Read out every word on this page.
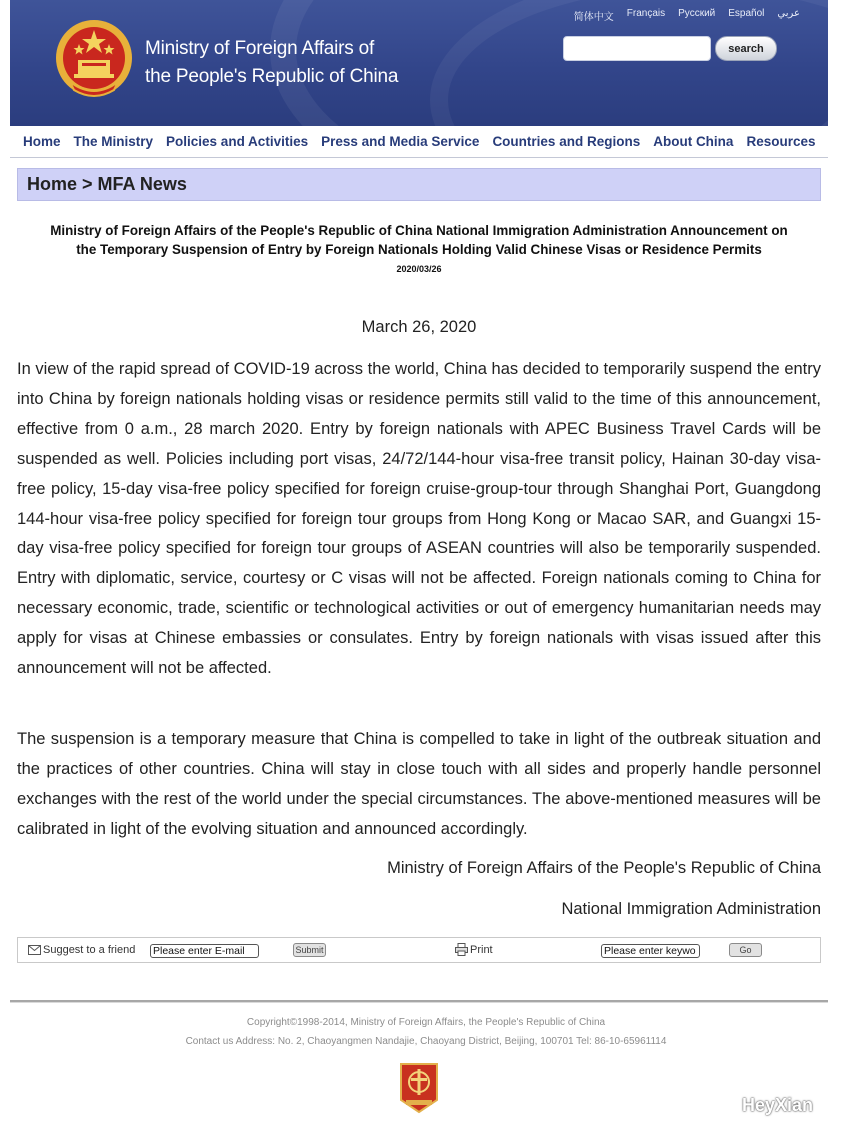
Ministry of Foreign Affairs of
the People's Republic of China
简体中文 Français Русский Español عربي
search
Home The Ministry Policies and Activities Press and Media Service Countries and Regions About China Resources
Home > MFA News
Ministry of Foreign Affairs of the People's Republic of China National Immigration Administration Announcement on
the Temporary Suspension of Entry by Foreign Nationals Holding Valid Chinese Visas or Residence Permits
2020/03/26
March 26, 2020

In view of the rapid spread of COVID-19 across the world, China has decided to temporarily suspend the entry into China by foreign nationals holding visas or residence permits still valid to the time of this announcement, effective from 0 a.m., 28 march 2020. Entry by foreign nationals with APEC Business Travel Cards will be suspended as well. Policies including port visas, 24/72/144-hour visa-free transit policy, Hainan 30-day visa-free policy, 15-day visa-free policy specified for foreign cruise-group-tour through Shanghai Port, Guangdong 144-hour visa-free policy specified for foreign tour groups from Hong Kong or Macao SAR, and Guangxi 15-day visa-free policy specified for foreign tour groups of ASEAN countries will also be temporarily suspended. Entry with diplomatic, service, courtesy or C visas will not be affected. Foreign nationals coming to China for necessary economic, trade, scientific or technological activities or out of emergency humanitarian needs may apply for visas at Chinese embassies or consulates. Entry by foreign nationals with visas issued after this announcement will not be affected.

The suspension is a temporary measure that China is compelled to take in light of the outbreak situation and the practices of other countries. China will stay in close touch with all sides and properly handle personnel exchanges with the rest of the world under the special circumstances. The above-mentioned measures will be calibrated in light of the evolving situation and announced accordingly.

Ministry of Foreign Affairs of the People's Republic of China
National Immigration Administration
Suggest to a friend Please enter E-mail	Submit	Print	Please enter keywo	Go
Copyright©1998-2014, Ministry of Foreign Affairs, the People's Republic of China
Contact us Address: No. 2, Chaoyangmen Nandajie, Chaoyang District, Beijing, 100701 Tel: 86-10-65961114
HeyXian
